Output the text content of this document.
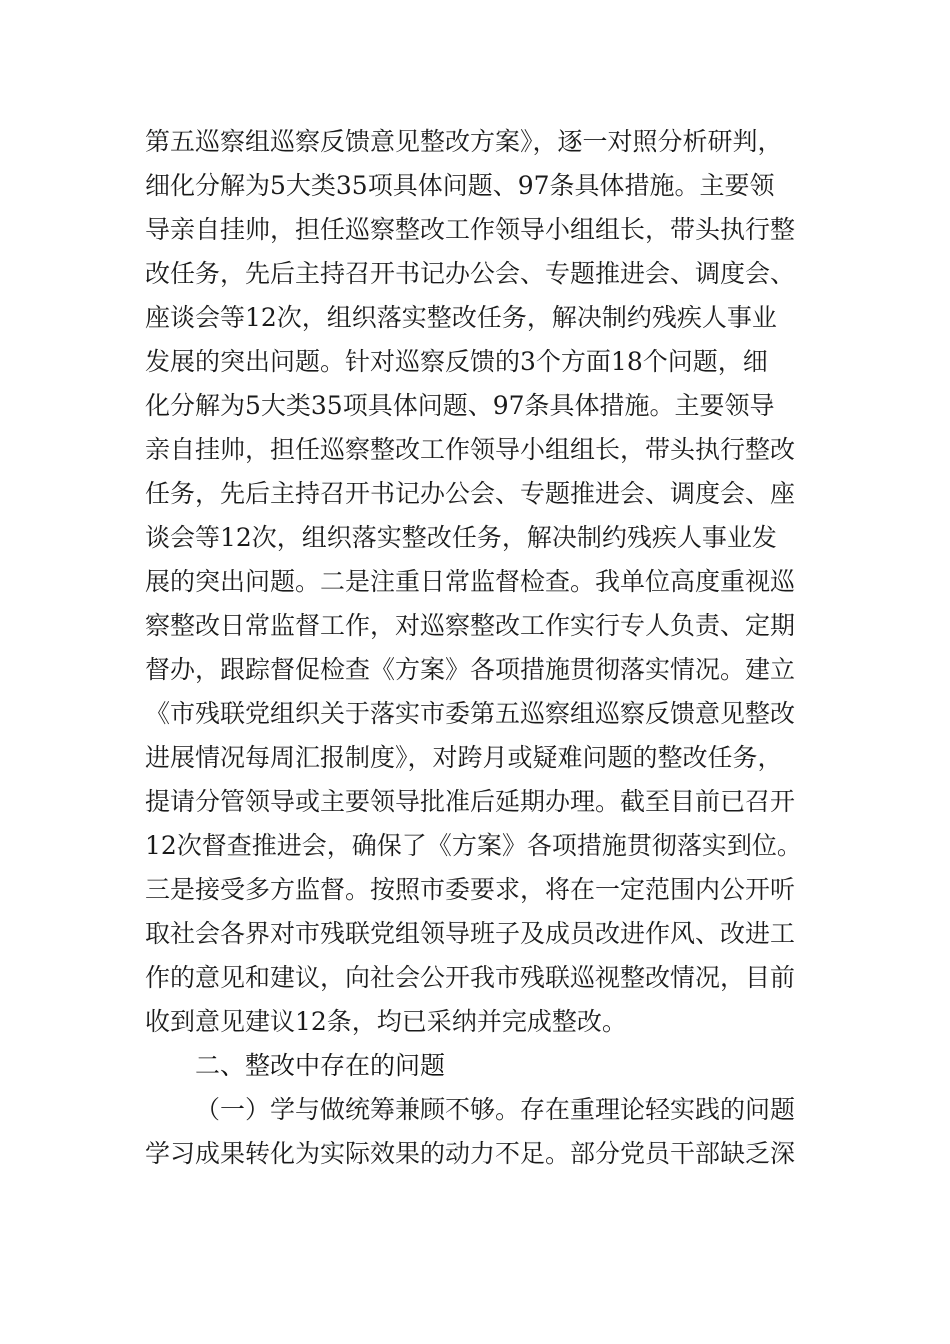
第五巡察组巡察反馈意见整改方案》，逐一对照分析研判，
细化分解为5大类35项具体问题、97条具体措施。主要领
导亲自挂帅，担任巡察整改工作领导小组组长，带头执行整
改任务，先后主持召开书记办公会、专题推进会、调度会、
座谈会等12次，组织落实整改任务，解决制约残疾人事业
发展的突出问题。针对巡察反馈的3个方面18个问题，细
化分解为5大类35项具体问题、97条具体措施。主要领导
亲自挂帅，担任巡察整改工作领导小组组长，带头执行整改
任务，先后主持召开书记办公会、专题推进会、调度会、座
谈会等12次，组织落实整改任务，解决制约残疾人事业发
展的突出问题。二是注重日常监督检查。我单位高度重视巡
察整改日常监督工作，对巡察整改工作实行专人负责、定期
督办，跟踪督促检查《方案》各项措施贯彻落实情况。建立
《市残联党组织关于落实市委第五巡察组巡察反馈意见整改
进展情况每周汇报制度》，对跨月或疑难问题的整改任务，
提请分管领导或主要领导批准后延期办理。截至目前已召开
12次督查推进会，确保了《方案》各项措施贯彻落实到位。
三是接受多方监督。按照市委要求，将在一定范围内公开听
取社会各界对市残联党组领导班子及成员改进作风、改进工
作的意见和建议，向社会公开我市残联巡视整改情况，目前
收到意见建议12条，均已采纳并完成整改。
二、整改中存在的问题
（一）学与做统筹兼顾不够。存在重理论轻实践的问题
学习成果转化为实际效果的动力不足。部分党员干部缺乏深
